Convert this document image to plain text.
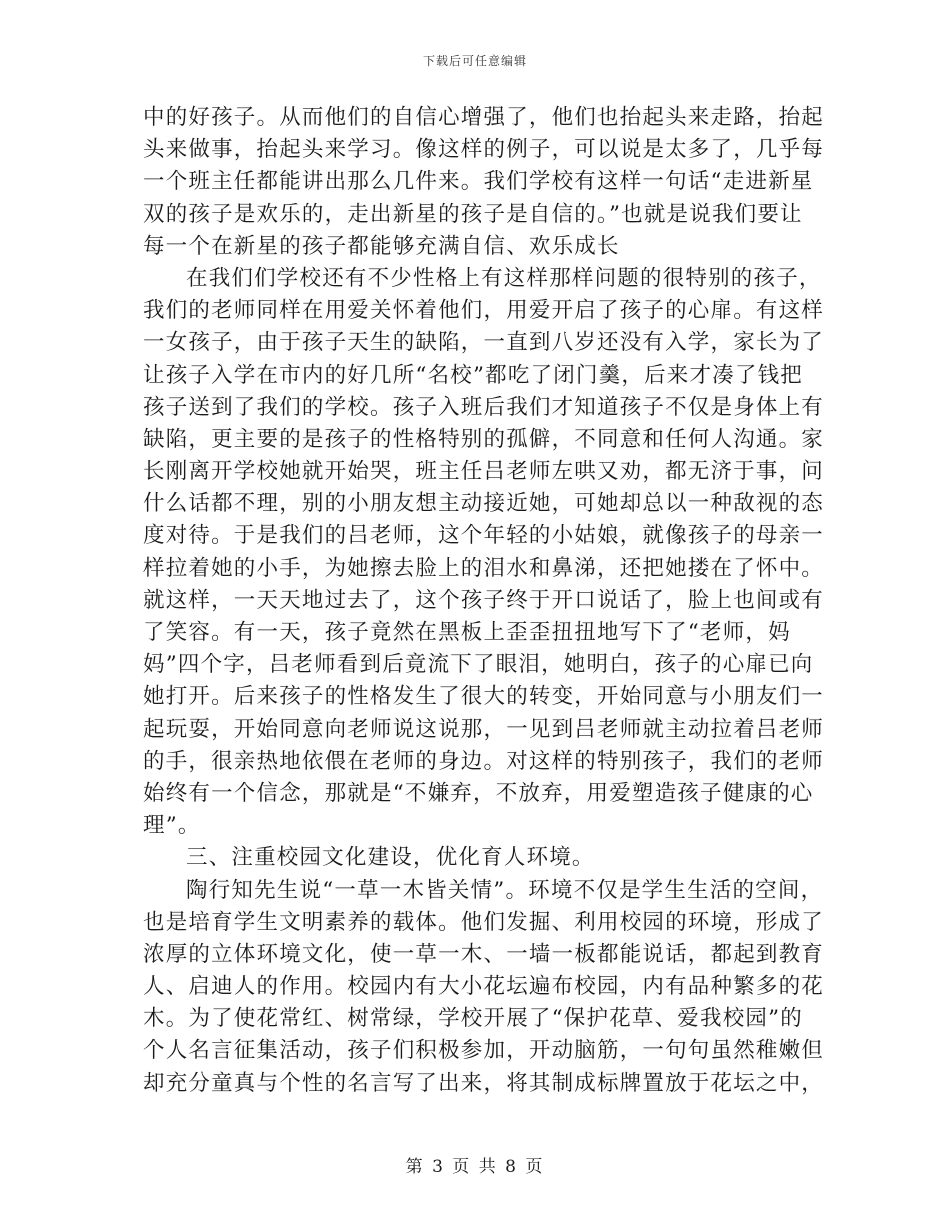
下载后可任意编辑
中的好孩子。从而他们的自信心增强了，他们也抬起头来走路，抬起
头来做事，抬起头来学习。像这样的例子，可以说是太多了，几乎每
一个班主任都能讲出那么几件来。我们学校有这样一句话“走进新星
双的孩子是欢乐的，走出新星的孩子是自信的。”也就是说我们要让
每一个在新星的孩子都能够充满自信、欢乐成长
在我们们学校还有不少性格上有这样那样问题的很特别的孩子，
我们的老师同样在用爱关怀着他们，用爱开启了孩子的心扉。有这样
一女孩子，由于孩子天生的缺陷，一直到八岁还没有入学，家长为了
让孩子入学在市内的好几所“名校”都吃了闭门羹，后来才凑了钱把
孩子送到了我们的学校。孩子入班后我们才知道孩子不仅是身体上有
缺陷，更主要的是孩子的性格特别的孤僻，不同意和任何人沟通。家
长刚离开学校她就开始哭，班主任吕老师左哄又劝，都无济于事，问
什么话都不理，别的小朋友想主动接近她，可她却总以一种敌视的态
度对待。于是我们的吕老师，这个年轻的小姑娘，就像孩子的母亲一
样拉着她的小手，为她擦去脸上的泪水和鼻涕，还把她搂在了怀中。
就这样，一天天地过去了，这个孩子终于开口说话了，脸上也间或有
了笑容。有一天，孩子竟然在黑板上歪歪扭扭地写下了“老师，妈
妈”四个字，吕老师看到后竟流下了眼泪，她明白，孩子的心扉已向
她打开。后来孩子的性格发生了很大的转变，开始同意与小朋友们一
起玩耍，开始同意向老师说这说那，一见到吕老师就主动拉着吕老师
的手，很亲热地依偎在老师的身边。对这样的特别孩子，我们的老师
始终有一个信念，那就是“不嫌弃，不放弃，用爱塑造孩子健康的心
理”。
三、注重校园文化建设，优化育人环境。
陶行知先生说“一草一木皆关情”。环境不仅是学生生活的空间，
也是培育学生文明素养的载体。他们发掘、利用校园的环境，形成了
浓厚的立体环境文化，使一草一木、一墙一板都能说话，都起到教育
人、启迪人的作用。校园内有大小花坛遍布校园，内有品种繁多的花
木。为了使花常红、树常绿，学校开展了“保护花草、爱我校园”的
个人名言征集活动，孩子们积极参加，开动脑筋，一句句虽然稚嫩但
却充分童真与个性的名言写了出来，将其制成标牌置放于花坛之中，
第 3 页 共 8 页
